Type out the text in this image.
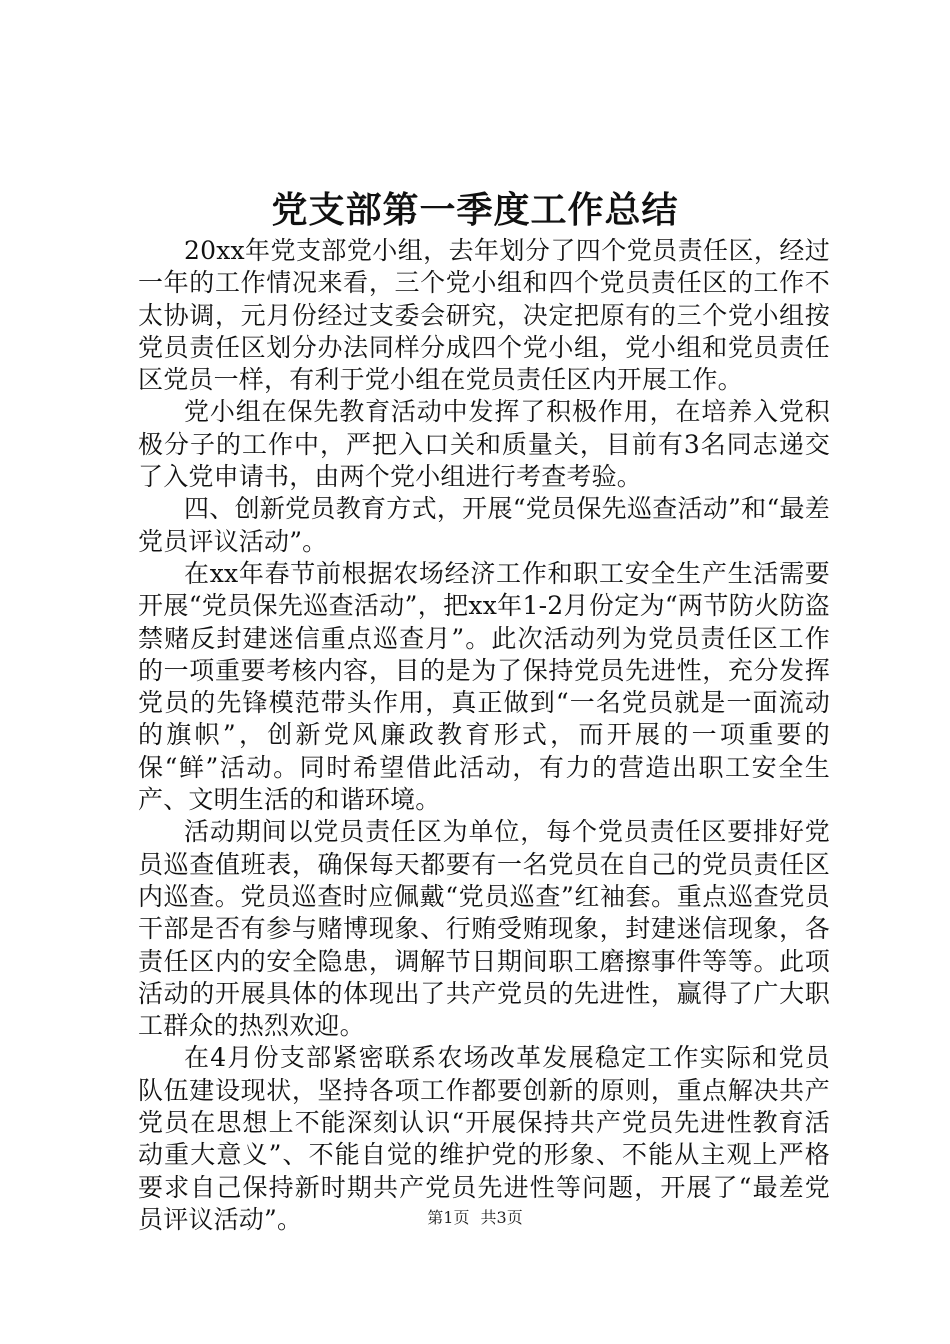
党支部第一季度工作总结

20xx年党支部党小组，去年划分了四个党员责任区，经过一年的工作情况来看，三个党小组和四个党员责任区的工作不太协调，元月份经过支委会研究，决定把原有的三个党小组按党员责任区划分办法同样分成四个党小组，党小组和党员责任区党员一样，有利于党小组在党员责任区内开展工作。

党小组在保先教育活动中发挥了积极作用，在培养入党积极分子的工作中，严把入口关和质量关，目前有3名同志递交了入党申请书，由两个党小组进行考查考验。

四、创新党员教育方式，开展“党员保先巡查活动”和“最差党员评议活动”。

在xx年春节前根据农场经济工作和职工安全生产生活需要开展“党员保先巡查活动”，把xx年1-2月份定为“两节防火防盗禁赌反封建迷信重点巡查月”。此次活动列为党员责任区工作的一项重要考核内容，目的是为了保持党员先进性，充分发挥党员的先锋模范带头作用，真正做到“一名党员就是一面流动的旗帜”，创新党风廉政教育形式，而开展的一项重要的保“鲜”活动。同时希望借此活动，有力的营造出职工安全生产、文明生活的和谐环境。

活动期间以党员责任区为单位，每个党员责任区要排好党员巡查值班表，确保每天都要有一名党员在自己的党员责任区内巡查。党员巡查时应佩戴“党员巡查”红袖套。重点巡查党员干部是否有参与赌博现象、行贿受贿现象，封建迷信现象，各责任区内的安全隐患，调解节日期间职工磨擦事件等等。此项活动的开展具体的体现出了共产党员的先进性，赢得了广大职工群众的热烈欢迎。

在4月份支部紧密联系农场改革发展稳定工作实际和党员队伍建设现状，坚持各项工作都要创新的原则，重点解决共产党员在思想上不能深刻认识“开展保持共产党员先进性教育活动重大意义”、不能自觉的维护党的形象、不能从主观上严格要求自己保持新时期共产党员先进性等问题，开展了“最差党员评议活动”。	第1页 共3页
